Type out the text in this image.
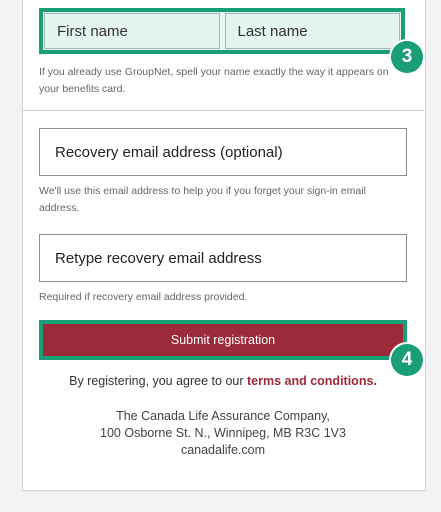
First name	Last name
3

If you already use GroupNet, spell your name exactly the way it appears on your benefits card.

Recovery email address (optional)

We'll use this email address to help you if you forget your sign-in email address.

Retype recovery email address

Required if recovery email address provided.

Submit registration
4
By registering, you agree to our terms and conditions.
The Canada Life Assurance Company,
100 Osborne St. N., Winnipeg, MB R3C 1V3
canadalife.com
